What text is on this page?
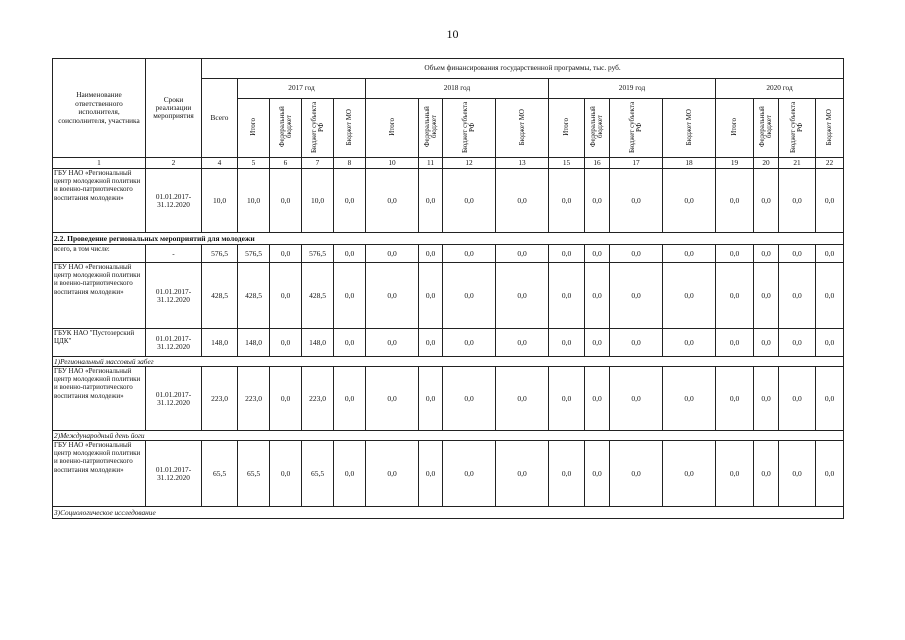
10
Наименование ответственного исполнителя, соисполнителя, участника	Сроки реализации мероприятия	Объем финансирования государственной программы, тыс. руб.																
		Всего	2017 год				2018 год				2019 год				2020 год			
			Итого	Федеральный бюджет	Бюджет субъекта РФ	Бюджет МО	Итого	Федеральный бюджет	Бюджет субъекта РФ	Бюджет МО	Итого	Федеральный бюджет	Бюджет субъекта РФ	Бюджет МО	Итого	Федеральный бюджет	Бюджет субъекта РФ	Бюджет МО
1	2	4	5	6	7	8	10	11	12	13	15	16	17	18	19	20	21	22
ГБУ НАО «Региональный центр молодежной политики и военно-патриотического воспитания молодежи»	01.01.2017-31.12.2020	10,0	10,0	0,0	10,0	0,0	0,0	0,0	0,0	0,0	0,0	0,0	0,0	0,0	0,0	0,0	0,0	0,0
2.2. Проведение региональных мероприятий для молодежи																		
всего, в том числе:	-	576,5	576,5	0,0	576,5	0,0	0,0	0,0	0,0	0,0	0,0	0,0	0,0	0,0	0,0	0,0	0,0	0,0
ГБУ НАО «Региональный центр молодежной политики и военно-патриотического воспитания молодежи»	01.01.2017-31.12.2020	428,5	428,5	0,0	428,5	0,0	0,0	0,0	0,0	0,0	0,0	0,0	0,0	0,0	0,0	0,0	0,0	0,0
ГБУК НАО "Пустозерский ЦДК"	01.01.2017-31.12.2020	148,0	148,0	0,0	148,0	0,0	0,0	0,0	0,0	0,0	0,0	0,0	0,0	0,0	0,0	0,0	0,0	0,0
1)Региональный массовый забег																		
ГБУ НАО «Региональный центр молодежной политики и военно-патриотического воспитания молодежи»	01.01.2017-31.12.2020	223,0	223,0	0,0	223,0	0,0	0,0	0,0	0,0	0,0	0,0	0,0	0,0	0,0	0,0	0,0	0,0	0,0
2)Международный день йоги																		
ГБУ НАО «Региональный центр молодежной политики и военно-патриотического воспитания молодежи»	01.01.2017-31.12.2020	65,5	65,5	0,0	65,5	0,0	0,0	0,0	0,0	0,0	0,0	0,0	0,0	0,0	0,0	0,0	0,0	0,0
3)Социологическое исследование																		
